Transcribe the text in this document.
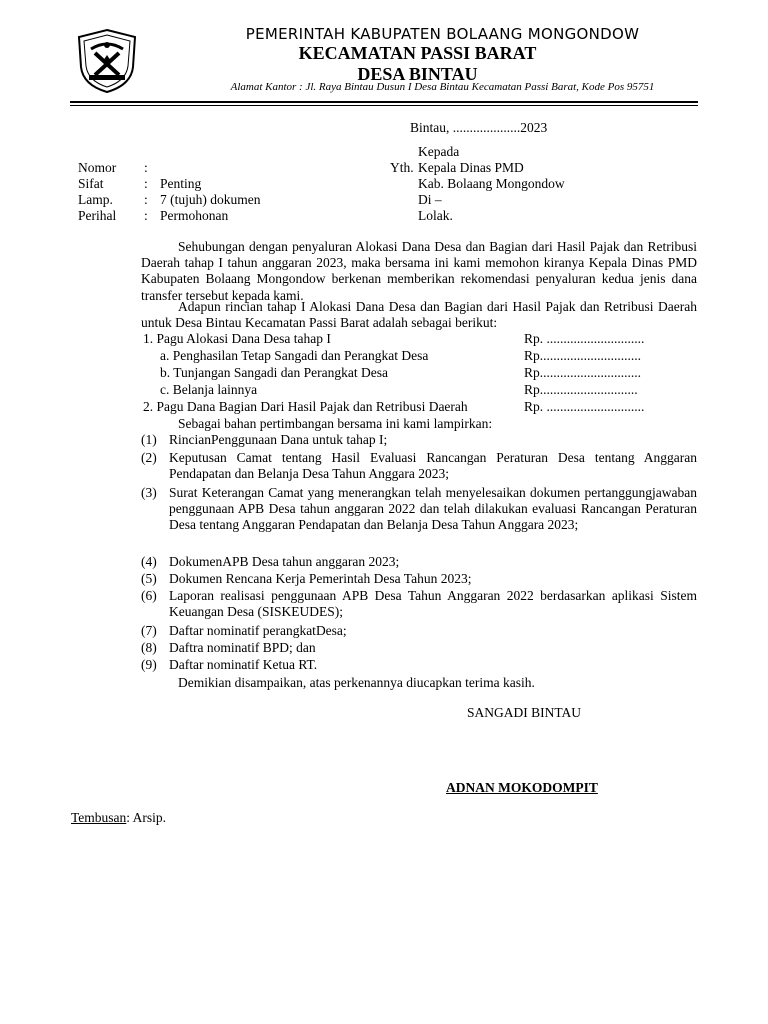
PEMERINTAH KABUPATEN BOLAANG MONGONDOW
KECAMATAN PASSI BARAT
DESA BINTAU
Alamat Kantor : Jl. Raya Bintau Dusun I Desa Bintau Kecamatan Passi Barat, Kode Pos 95751
Bintau, ....................2023
Kepada
Yth. Kepala Dinas PMD
Kab. Bolaang Mongondow
Di –
Lolak.
Nomor :
Sifat	: Penting
Lamp. : 7 (tujuh) dokumen
Perihal : Permohonan
Sehubungan dengan penyaluran Alokasi Dana Desa dan Bagian dari Hasil Pajak dan Retribusi Daerah tahap I tahun anggaran 2023, maka bersama ini kami memohon kiranya Kepala Dinas PMD Kabupaten Bolaang Mongondow berkenan memberikan rekomendasi penyaluran kedua jenis dana transfer tersebut kepada kami.
Adapun rincian tahap I Alokasi Dana Desa dan Bagian dari Hasil Pajak dan Retribusi Daerah untuk Desa Bintau Kecamatan Passi Barat adalah sebagai berikut:
1. Pagu Alokasi Dana Desa tahap I	Rp. .............................
a. Penghasilan Tetap Sangadi dan Perangkat Desa	Rp..............................
b. Tunjangan Sangadi dan Perangkat Desa	Rp..............................
c. Belanja lainnya	Rp.............................
2. Pagu Dana Bagian Dari Hasil Pajak dan Retribusi Daerah	Rp. .............................
Sebagai bahan pertimbangan bersama ini kami lampirkan:
(1) RincianPenggunaan Dana untuk tahap I;
(2) Keputusan Camat tentang Hasil Evaluasi Rancangan Peraturan Desa tentang Anggaran Pendapatan dan Belanja Desa Tahun Anggara 2023;
(3) Surat Keterangan Camat yang menerangkan telah menyelesaikan dokumen pertanggungjawaban penggunaan APB Desa tahun anggaran 2022 dan telah dilakukan evaluasi Rancangan Peraturan Desa tentang Anggaran Pendapatan dan Belanja Desa Tahun Anggara 2023;
(4) DokumenAPB Desa tahun anggaran 2023;
(5) Dokumen Rencana Kerja Pemerintah Desa Tahun 2023;
(6) Laporan realisasi penggunaan APB Desa Tahun Anggaran 2022 berdasarkan aplikasi Sistem Keuangan Desa (SISKEUDES);
(7) Daftar nominatif perangkatDesa;
(8) Daftra nominatif BPD; dan
(9) Daftar nominatif Ketua RT.
Demikian disampaikan, atas perkenannya diucapkan terima kasih.
SANGADI BINTAU
ADNAN MOKODOMPIT
Tembusan: Arsip.
